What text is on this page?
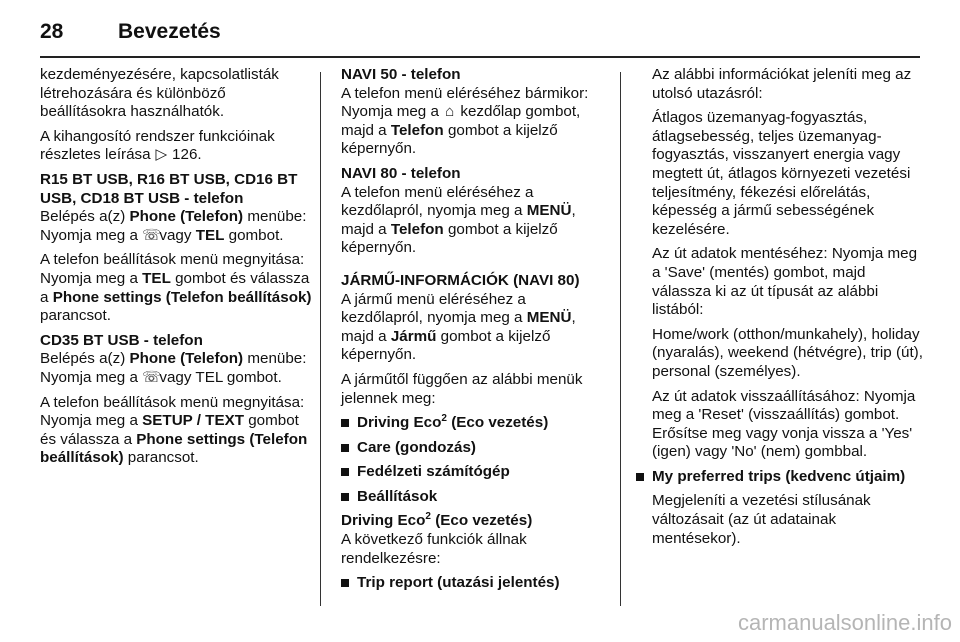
28	Bevezetés

kezdeményezésére, kapcsolatlisták létrehozására és különböző beállításokra használhatók.

A kihangosító rendszer funkcióinak részletes leírása ▷ 126.

R15 BT USB, R16 BT USB, CD16 BT USB, CD18 BT USB - telefon

Belépés a(z) Phone (Telefon) menübe: Nyomja meg a ☏ vagy TEL gombot.

A telefon beállítások menü megnyitása: Nyomja meg a TEL gombot és válassza a Phone settings (Telefon beállítások) parancsot.

CD35 BT USB - telefon

Belépés a(z) Phone (Telefon) menübe: Nyomja meg a ☏ vagy TEL gombot.

A telefon beállítások menü megnyitása: Nyomja meg a SETUP / TEXT gombot és válassza a Phone settings (Telefon beállítások) parancsot.

NAVI 50 - telefon

A telefon menü eléréséhez bármikor: Nyomja meg a ⌂ kezdőlap gombot, majd a Telefon gombot a kijelző képernyőn.

NAVI 80 - telefon

A telefon menü eléréséhez a kezdőlapról, nyomja meg a MENÜ, majd a Telefon gombot a kijelző képernyőn.

JÁRMŰ-INFORMÁCIÓK (NAVI 80)

A jármű menü eléréséhez a kezdőlapról, nyomja meg a MENÜ, majd a Jármű gombot a kijelző képernyőn.

A járműtől függően az alábbi menük jelennek meg:

Driving Eco$^2$ (Eco vezetés)
Care (gondozás)
Fedélzeti számítógép
Beállítások

Driving Eco$^2$ (Eco vezetés)

A következő funkciók állnak rendelkezésre:

Trip report (utazási jelentés)

Az alábbi információkat jeleníti meg az utolsó utazásról:

Átlagos üzemanyag-fogyasztás, átlagsebesség, teljes üzemanyag-fogyasztás, visszanyert energia vagy megtett út, átlagos környezeti vezetési teljesítmény, fékezési előrelátás, képesség a jármű sebességének kezelésére.

Az út adatok mentéséhez: Nyomja meg a 'Save' (mentés) gombot, majd válassza ki az út típusát az alábbi listából:

Home/work (otthon/munkahely), holiday (nyaralás), weekend (hétvégre), trip (út), personal (személyes).

Az út adatok visszaállításához: Nyomja meg a 'Reset' (visszaállítás) gombot. Erősítse meg vagy vonja vissza a 'Yes' (igen) vagy 'No' (nem) gombbal.

My preferred trips (kedvenc útjaim)

Megjeleníti a vezetési stílusának változásait (az út adatainak mentésekor).

carmanualsonline.info
